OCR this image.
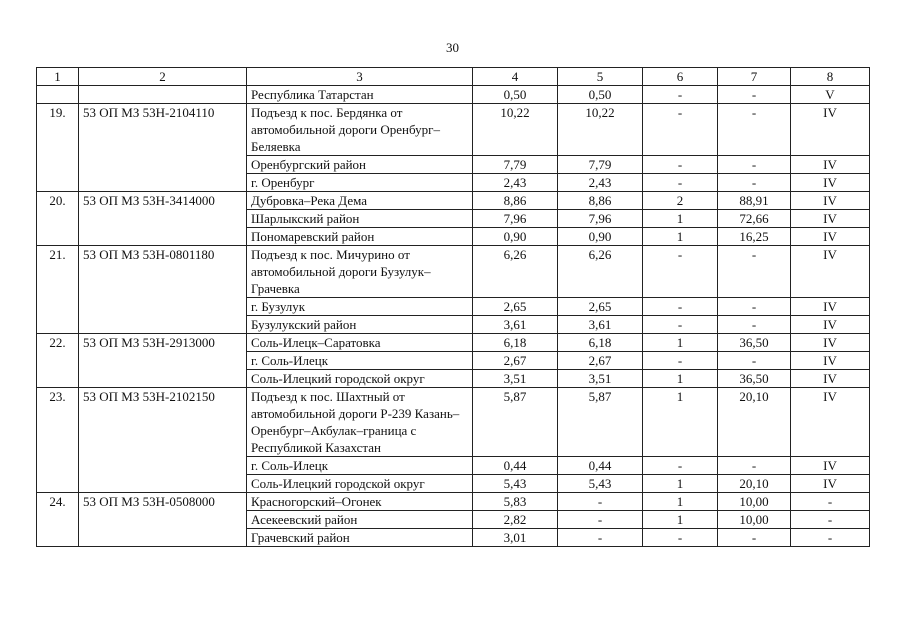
30
1	2	3	4	5	6	7	8
		Республика Татарстан	0,50	0,50	-	-	V
19.	53 ОП МЗ 53Н-2104110	Подъезд к пос. Бердянка от автомобильной дороги Оренбург–Беляевка	10,22	10,22	-	-	IV
		Оренбургский район	7,79	7,79	-	-	IV
		г. Оренбург	2,43	2,43	-	-	IV
20.	53 ОП МЗ 53Н-3414000	Дубровка–Река Дема	8,86	8,86	2	88,91	IV
		Шарлыкский район	7,96	7,96	1	72,66	IV
		Пономаревский район	0,90	0,90	1	16,25	IV
21.	53 ОП МЗ 53Н-0801180	Подъезд к пос. Мичурино от автомобильной дороги Бузулук–Грачевка	6,26	6,26	-	-	IV
		г. Бузулук	2,65	2,65	-	-	IV
		Бузулукский район	3,61	3,61	-	-	IV
22.	53 ОП МЗ 53Н-2913000	Соль-Илецк–Саратовка	6,18	6,18	1	36,50	IV
		г. Соль-Илецк	2,67	2,67	-	-	IV
		Соль-Илецкий городской округ	3,51	3,51	1	36,50	IV
23.	53 ОП МЗ 53Н-2102150	Подъезд к пос. Шахтный от автомобильной дороги Р-239 Казань–Оренбург–Акбулак–граница с Республикой Казахстан	5,87	5,87	1	20,10	IV
		г. Соль-Илецк	0,44	0,44	-	-	IV
		Соль-Илецкий городской округ	5,43	5,43	1	20,10	IV
24.	53 ОП МЗ 53Н-0508000	Красногорский–Огонек	5,83	-	1	10,00	-
		Асекеевский район	2,82	-	1	10,00	-
		Грачевский район	3,01	-	-	-	-
